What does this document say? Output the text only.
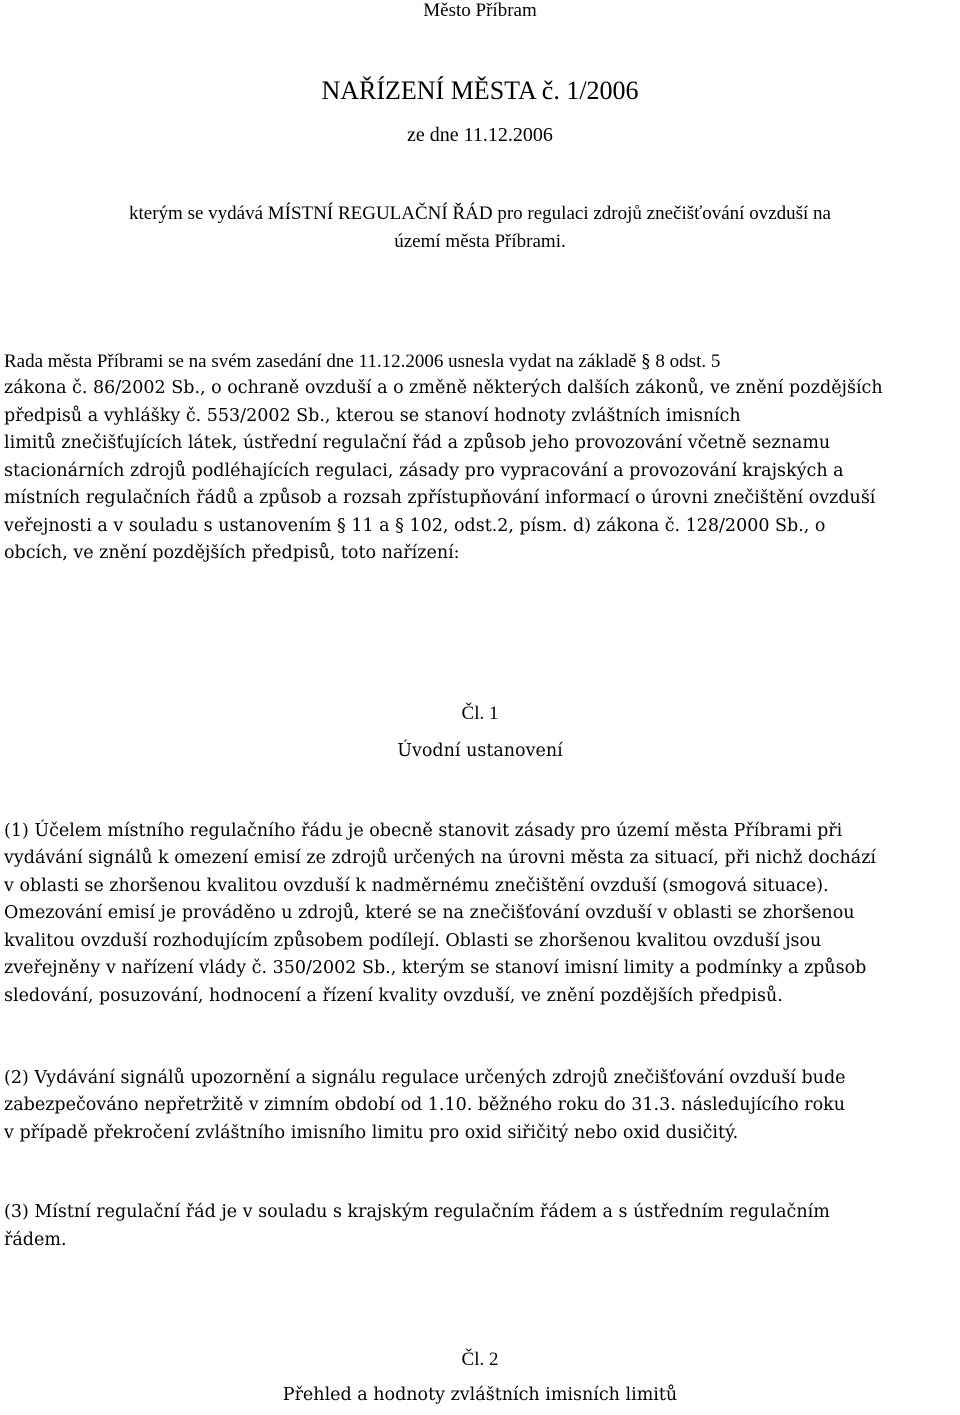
Město Příbram
NAŘÍZENÍ MĚSTA č. 1/2006
ze dne 11.12.2006
kterým se vydává MÍSTNÍ REGULAČNÍ ŘÁD pro regulaci zdrojů znečišťování ovzduší na
území města Příbrami.
Rada města Příbrami se na svém zasedání dne 11.12.2006 usnesla vydat na základě § 8 odst. 5
zákona č. 86/2002 Sb., o ochraně ovzduší a o změně některých dalších zákonů, ve znění pozdějších
předpisů a vyhlášky č. 553/2002 Sb., kterou se stanoví hodnoty zvláštních imisních
limitů znečišťujících látek, ústřední regulační řád a způsob jeho provozování včetně seznamu
stacionárních zdrojů podléhajících regulaci, zásady pro vypracování a provozování krajských a
místních regulačních řádů a způsob a rozsah zpřístupňování informací o úrovni znečištění ovzduší
veřejnosti a v souladu s ustanovením § 11 a § 102, odst.2, písm. d) zákona č. 128/2000 Sb., o
obcích, ve znění pozdějších předpisů, toto nařízení:
Čl. 1
Úvodní ustanovení
(1) Účelem místního regulačního řádu je obecně stanovit zásady pro území města Příbrami při
vydávání signálů k omezení emisí ze zdrojů určených na úrovni města za situací, při nichž dochází
v oblasti se zhoršenou kvalitou ovzduší k nadměrnému znečištění ovzduší (smogová situace).
Omezování emisí je prováděno u zdrojů, které se na znečišťování ovzduší v oblasti se zhoršenou
kvalitou ovzduší rozhodujícím způsobem podílejí. Oblasti se zhoršenou kvalitou ovzduší jsou
zveřejněny v nařízení vlády č. 350/2002 Sb., kterým se stanoví imisní limity a podmínky a způsob
sledování, posuzování, hodnocení a řízení kvality ovzduší, ve znění pozdějších předpisů.
(2) Vydávání signálů upozornění a signálu regulace určených zdrojů znečišťování ovzduší bude
zabezpečováno nepřetržitě v zimním období od 1.10. běžného roku do 31.3. následujícího roku
v případě překročení zvláštního imisního limitu pro oxid siřičitý nebo oxid dusičitý.
(3) Místní regulační řád je v souladu s krajským regulačním řádem a s ústředním regulačním
řádem.
Čl. 2
Přehled a hodnoty zvláštních imisních limitů
